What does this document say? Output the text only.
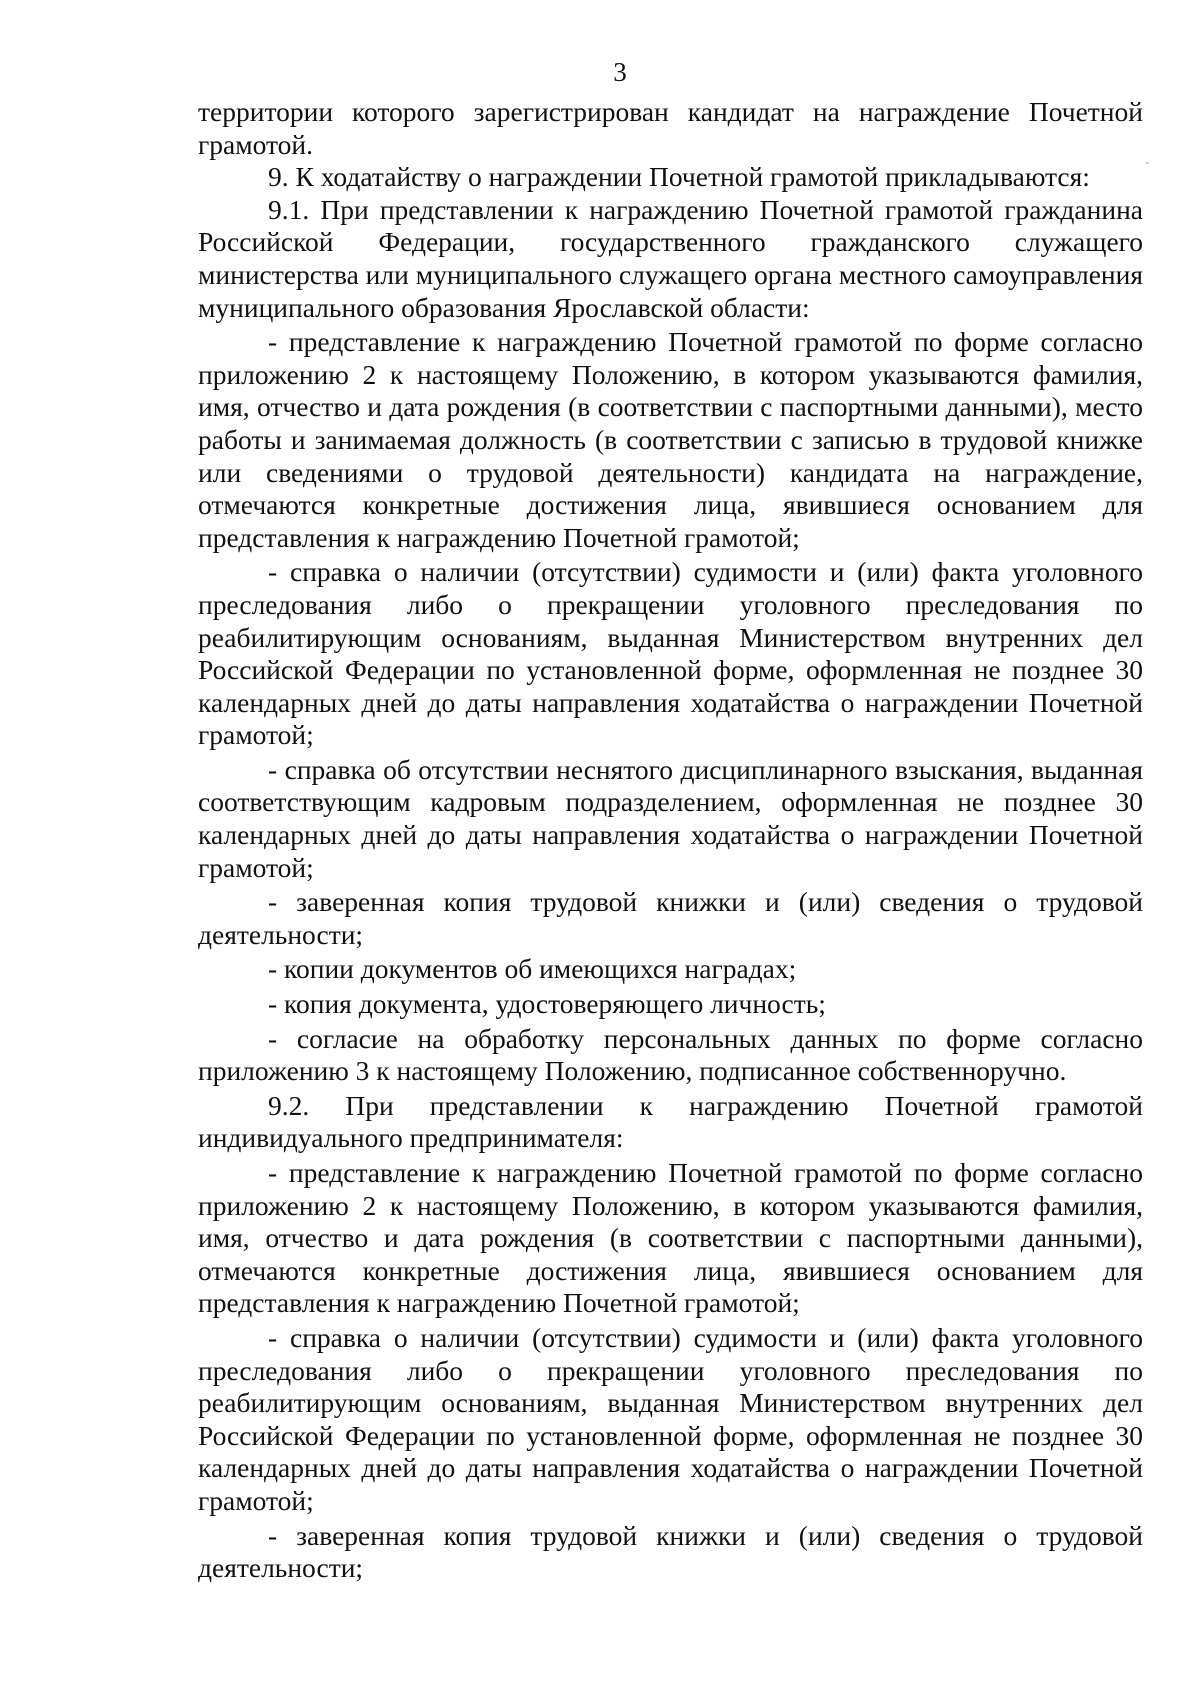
3

территории которого зарегистрирован кандидат на награждение Почетной грамотой.

9. К ходатайству о награждении Почетной грамотой прикладываются:

9.1. При представлении к награждению Почетной грамотой гражданина Российской Федерации, государственного гражданского служащего министерства или муниципального служащего органа местного самоуправления муниципального образования Ярославской области:

- представление к награждению Почетной грамотой по форме согласно приложению 2 к настоящему Положению, в котором указываются фамилия, имя, отчество и дата рождения (в соответствии с паспортными данными), место работы и занимаемая должность (в соответствии с записью в трудовой книжке или сведениями о трудовой деятельности) кандидата на награждение, отмечаются конкретные достижения лица, явившиеся основанием для представления к награждению Почетной грамотой;

- справка о наличии (отсутствии) судимости и (или) факта уголовного преследования либо о прекращении уголовного преследования по реабилитирующим основаниям, выданная Министерством внутренних дел Российской Федерации по установленной форме, оформленная не позднее 30 календарных дней до даты направления ходатайства о награждении Почетной грамотой;

- справка об отсутствии неснятого дисциплинарного взыскания, выданная соответствующим кадровым подразделением, оформленная не позднее 30 календарных дней до даты направления ходатайства о награждении Почетной грамотой;

- заверенная копия трудовой книжки и (или) сведения о трудовой деятельности;

- копии документов об имеющихся наградах;

- копия документа, удостоверяющего личность;

- согласие на обработку персональных данных по форме согласно приложению 3 к настоящему Положению, подписанное собственноручно.

9.2. При представлении к награждению Почетной грамотой индивидуального предпринимателя:

- представление к награждению Почетной грамотой по форме согласно приложению 2 к настоящему Положению, в котором указываются фамилия, имя, отчество и дата рождения (в соответствии с паспортными данными), отмечаются конкретные достижения лица, явившиеся основанием для представления к награждению Почетной грамотой;

- справка о наличии (отсутствии) судимости и (или) факта уголовного преследования либо о прекращении уголовного преследования по реабилитирующим основаниям, выданная Министерством внутренних дел Российской Федерации по установленной форме, оформленная не позднее 30 календарных дней до даты направления ходатайства о награждении Почетной грамотой;

- заверенная копия трудовой книжки и (или) сведения о трудовой деятельности;
